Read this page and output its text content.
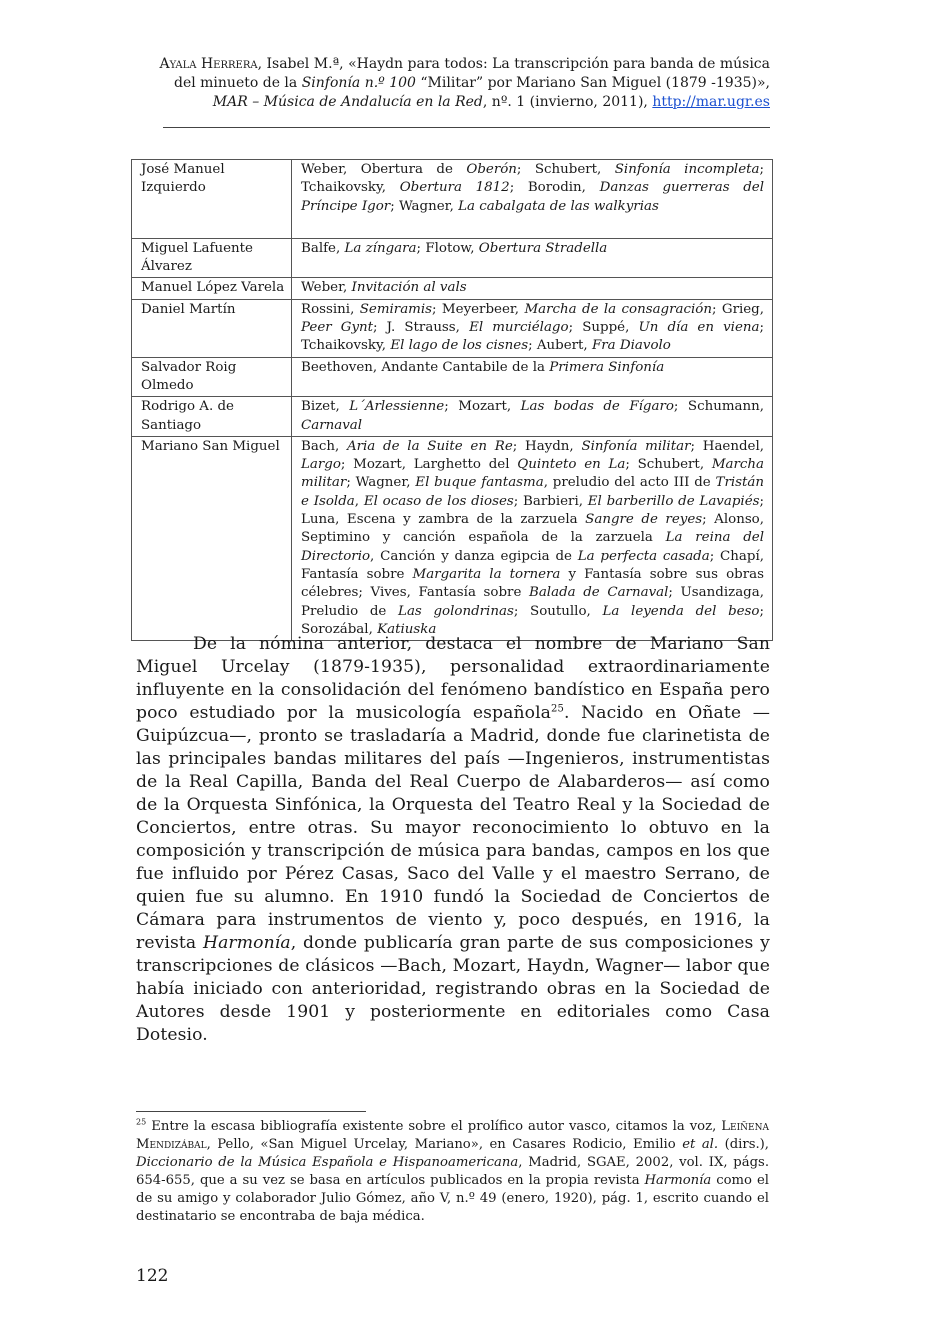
Ayala Herrera, Isabel M.ª, «Haydn para todos: La transcripción para banda de música del minueto de la Sinfonía n.º 100 “Militar” por Mariano San Miguel (1879 -1935)», MAR – Música de Andalucía en la Red, nº. 1 (invierno, 2011), http://mar.ugr.es
José Manuel Izquierdo	Weber, Obertura de Oberón; Schubert, Sinfonía incompleta; Tchaikovsky, Obertura 1812; Borodin, Danzas guerreras del Príncipe Igor; Wagner, La cabalgata de las walkyrias
Miguel Lafuente Álvarez	Balfe, La zíngara; Flotow, Obertura Stradella
Manuel López Varela	Weber, Invitación al vals
Daniel Martín	Rossini, Semiramis; Meyerbeer, Marcha de la consagración; Grieg, Peer Gynt; J. Strauss, El murciélago; Suppé, Un día en viena; Tchaikovsky, El lago de los cisnes; Aubert, Fra Diavolo
Salvador Roig Olmedo	Beethoven, Andante Cantabile de la Primera Sinfonía
Rodrigo A. de Santiago	Bizet, L´Arlessienne; Mozart, Las bodas de Fígaro; Schumann, Carnaval
Mariano San Miguel	Bach, Aria de la Suite en Re; Haydn, Sinfonía militar; Haendel, Largo; Mozart, Larghetto del Quinteto en La; Schubert, Marcha militar; Wagner, El buque fantasma, preludio del acto III de Tristán e Isolda, El ocaso de los dioses; Barbieri, El barberillo de Lavapiés; Luna, Escena y zambra de la zarzuela Sangre de reyes; Alonso, Septimino y canción española de la zarzuela La reina del Directorio, Canción y danza egipcia de La perfecta casada; Chapí, Fantasía sobre Margarita la tornera y Fantasía sobre sus obras célebres; Vives, Fantasía sobre Balada de Carnaval; Usandizaga, Preludio de Las golondrinas; Soutullo, La leyenda del beso; Sorozábal, Katiuska

De la nómina anterior, destaca el nombre de Mariano San Miguel Urcelay (1879-1935), personalidad extraordinariamente influyente en la consolidación del fenómeno bandístico en España pero poco estudiado por la musicología española$^{25}$. Nacido en Oñate —Guipúzcua—, pronto se trasladaría a Madrid, donde fue clarinetista de las principales bandas militares del país —Ingenieros, instrumentistas de la Real Capilla, Banda del Real Cuerpo de Alabarderos— así como de la Orquesta Sinfónica, la Orquesta del Teatro Real y la Sociedad de Conciertos, entre otras. Su mayor reconocimiento lo obtuvo en la composición y transcripción de música para bandas, campos en los que fue influido por Pérez Casas, Saco del Valle y el maestro Serrano, de quien fue su alumno. En 1910 fundó la Sociedad de Conciertos de Cámara para instrumentos de viento y, poco después, en 1916, la revista Harmonía, donde publicaría gran parte de sus composiciones y transcripciones de clásicos —Bach, Mozart, Haydn, Wagner— labor que había iniciado con anterioridad, registrando obras en la Sociedad de Autores desde 1901 y posteriormente en editoriales como Casa Dotesio.

$^{25}$ Entre la escasa bibliografía existente sobre el prolífico autor vasco, citamos la voz, Leiñena Mendizábal, Pello, «San Miguel Urcelay, Mariano», en Casares Rodicio, Emilio et al. (dirs.), Diccionario de la Música Española e Hispanoamericana, Madrid, SGAE, 2002, vol. IX, págs. 654-655, que a su vez se basa en artículos publicados en la propia revista Harmonía como el de su amigo y colaborador Julio Gómez, año V, n.º 49 (enero, 1920), pág. 1, escrito cuando el destinatario se encontraba de baja médica.

122
